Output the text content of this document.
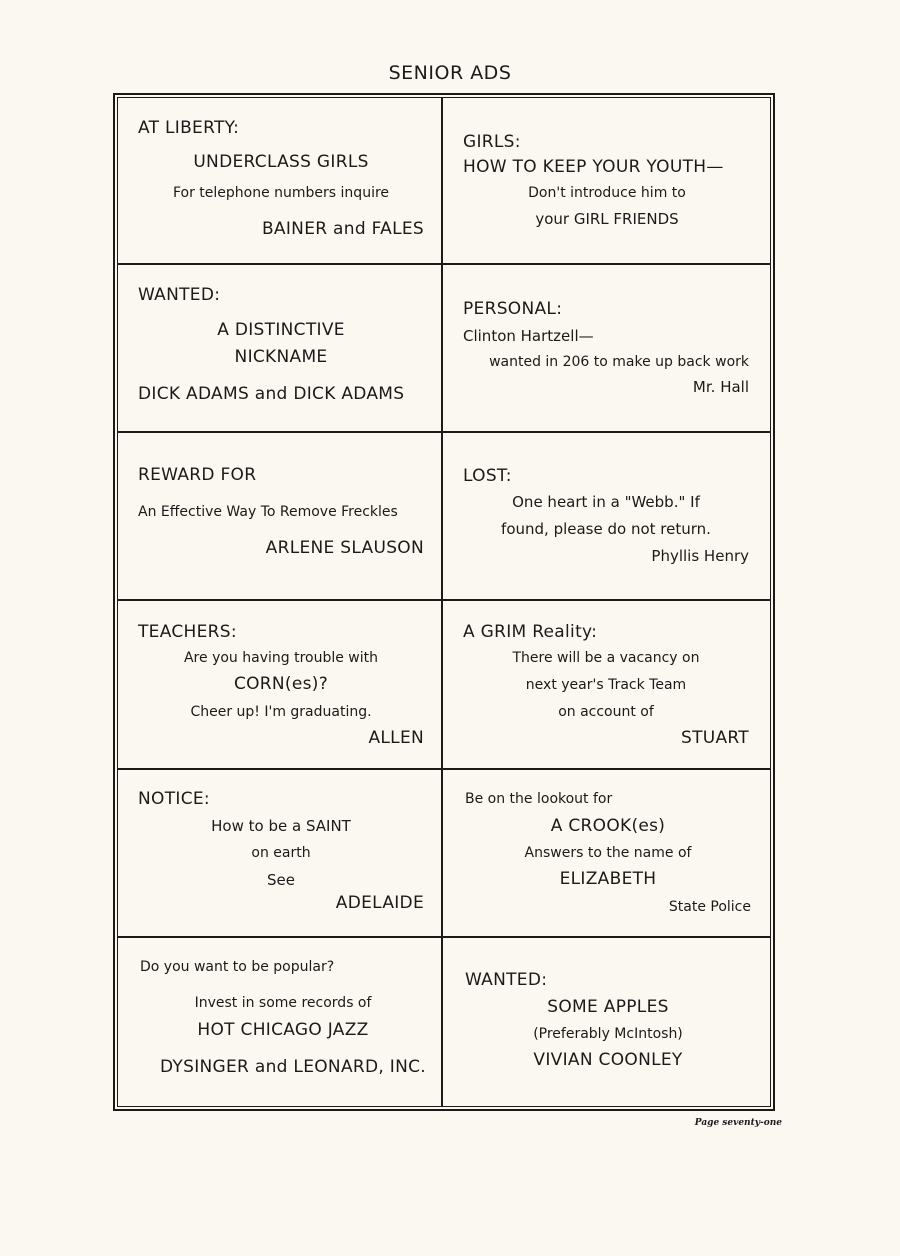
SENIOR ADS
AT LIBERTY:
UNDERCLASS GIRLS
For telephone numbers inquire
BAINER and FALES
GIRLS:
HOW TO KEEP YOUR YOUTH—
Don't introduce him to
your GIRL FRIENDS
WANTED:
A DISTINCTIVE
NICKNAME
DICK ADAMS and DICK ADAMS
PERSONAL:
Clinton Hartzell—
wanted in 206 to make up back work
Mr. Hall
REWARD FOR
An Effective Way To Remove Freckles
ARLENE SLAUSON
LOST:
One heart in a "Webb." If
found, please do not return.
Phyllis Henry
TEACHERS:
Are you having trouble with
CORN(es)?
Cheer up! I'm graduating.
ALLEN
A GRIM Reality:
There will be a vacancy on
next year's Track Team
on account of
STUART
NOTICE:
How to be a SAINT
on earth
See
ADELAIDE
Be on the lookout for
A CROOK(es)
Answers to the name of
ELIZABETH
State Police
Do you want to be popular?
Invest in some records of
HOT CHICAGO JAZZ
DYSINGER and LEONARD, INC.
WANTED:
SOME APPLES
(Preferably McIntosh)
VIVIAN COONLEY
Page seventy-one
